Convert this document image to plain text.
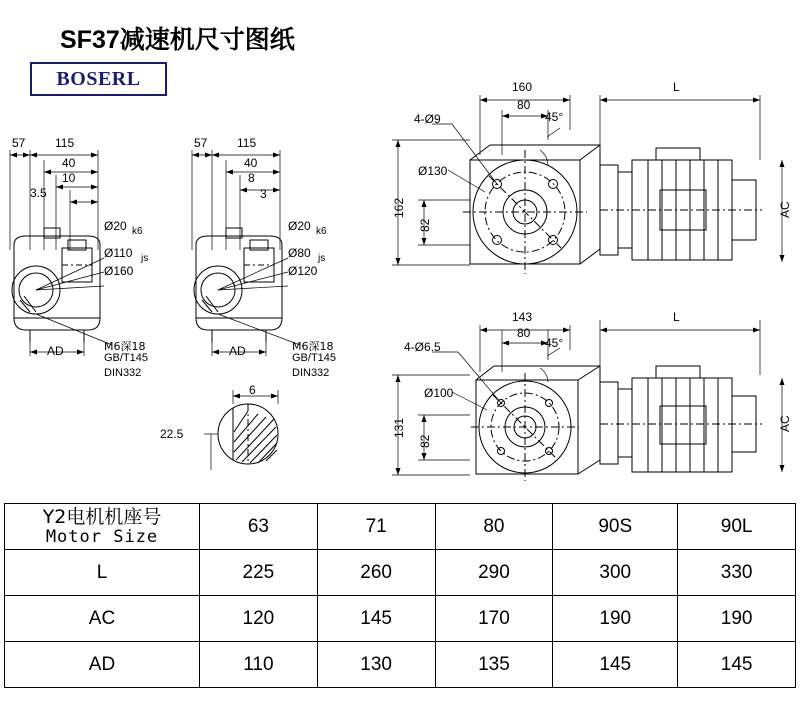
SF37减速机尺寸图纸
BOSERL
57 115
40
10
3.5
Ø20 k6
Ø110 js
Ø160
AD	M6深18
GB/T145
DIN332
57 115
40
8
3
Ø20 k6
Ø80 js
Ø120
AD	M6深18
GB/T145
DIN332
6
22.5
160
80
L
45°
4-Ø9
Ø130
162
82
AC
143
80
L
45°
4-Ø6.5
Ø100
131
82
AC
Y2电机机座号
Motor Size	63	71	80	90S	90L
L	225	260	290	300	330
AC	120	145	170	190	190
AD	110	130	135	145	145
